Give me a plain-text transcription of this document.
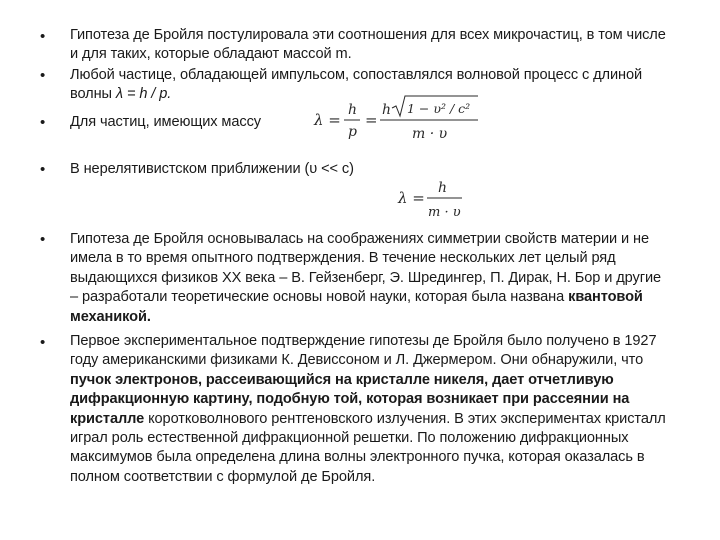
•
•
•
•
•
•
Гипотеза де Бройля постулировала эти соотношения для всех микрочастиц, в том числе и для таких, которые обладают массой m.
Любой частице, обладающей импульсом, сопоставлялся волновой процесс с длиной волны λ = h / p.
Для частиц, имеющих массу	λ =
h
p
=
h 1 − υ² / c²
m · υ
В нерелятивистском приближении (υ << c)
λ =
h
m · υ
Гипотеза де Бройля основывалась на соображениях симметрии свойств материи и не имела в то время опытного подтверждения. В течение нескольких лет целый ряд выдающихся физиков XX века – В. Гейзенберг, Э. Шредингер, П. Дирак, Н. Бор и другие – разработали теоретические основы новой науки, которая была названа квантовой механикой.
Первое экспериментальное подтверждение гипотезы де Бройля было получено в 1927 году американскими физиками К. Девиссоном и Л. Джермером. Они обнаружили, что пучок электронов, рассеивающийся на кристалле никеля, дает отчетливую дифракционную картину, подобную той, которая возникает при рассеянии на кристалле коротковолнового рентгеновского излучения. В этих экспериментах кристалл играл роль естественной дифракционной решетки. По положению дифракционных максимумов была определена длина волны электронного пучка, которая оказалась в полном соответствии с формулой де Бройля.
